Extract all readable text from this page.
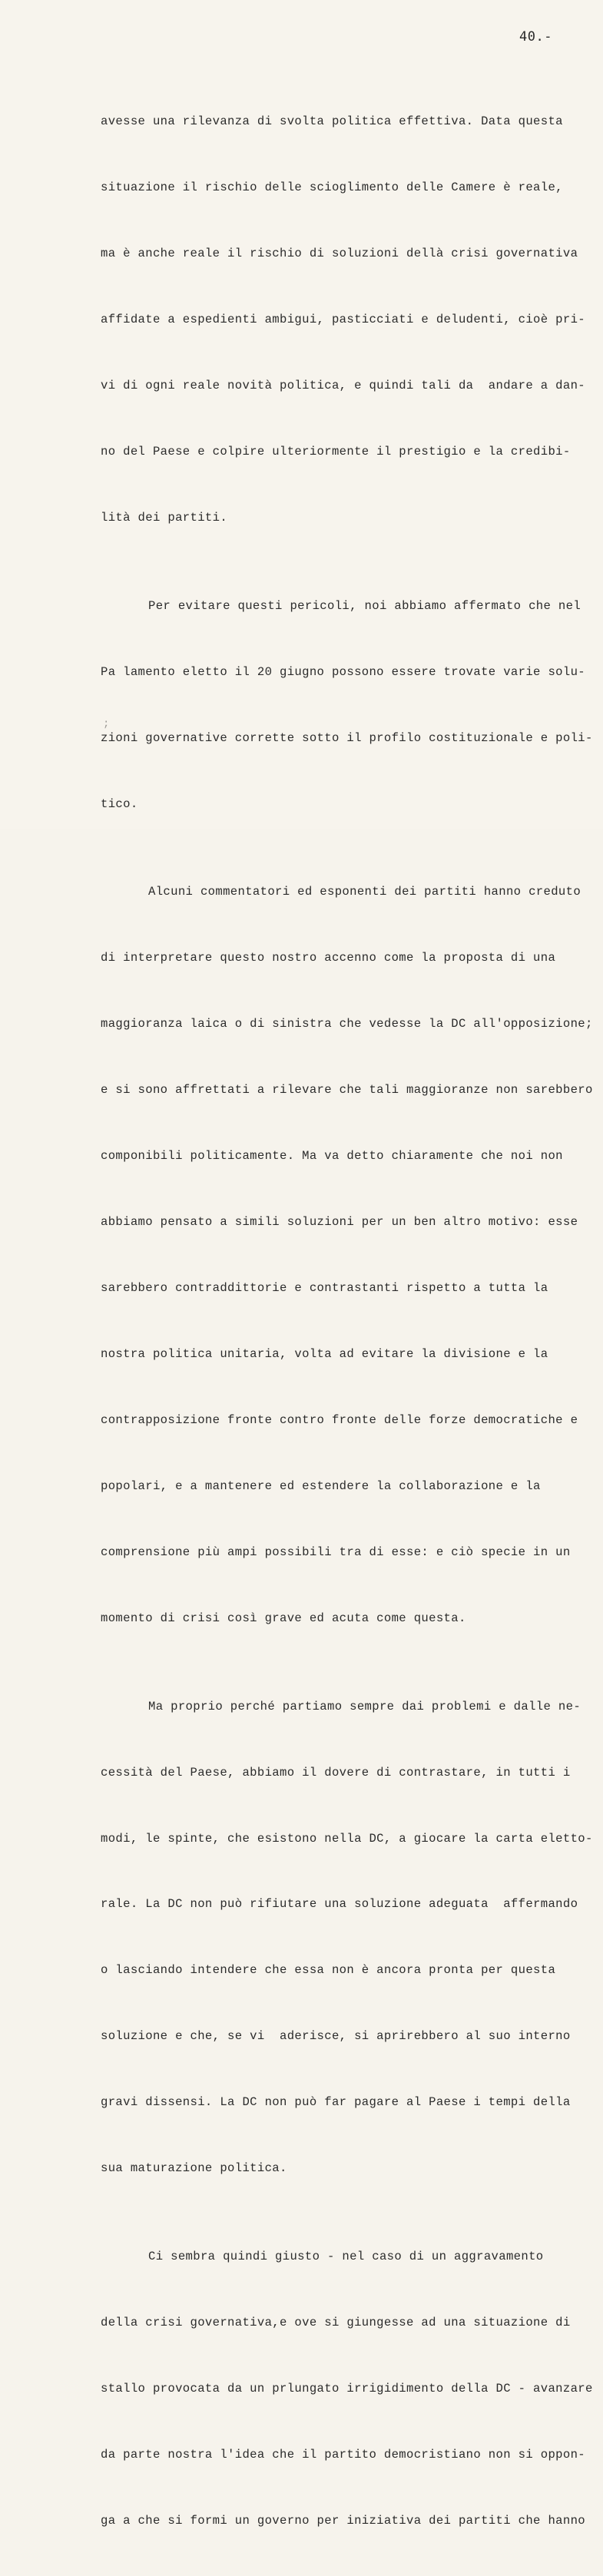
40.-
;

avesse una rilevanza di svolta politica effettiva. Data questa

situazione il rischio delle scioglimento delle Camere è reale,

ma è anche reale il rischio di soluzioni dellà crisi governativa

affidate a espedienti ambigui, pasticciati e deludenti, cioè pri-

vi di ogni reale novità politica, e quindi tali da  andare a dan-

no del Paese e colpire ulteriormente il prestigio e la credibi-

lità dei partiti.

Per evitare questi pericoli, noi abbiamo affermato che nel

Pa lamento eletto il 20 giugno possono essere trovate varie solu-

zioni governative corrette sotto il profilo costituzionale e poli-

tico.

Alcuni commentatori ed esponenti dei partiti hanno creduto

di interpretare questo nostro accenno come la proposta di una

maggioranza laica o di sinistra che vedesse la DC all'opposizione;

e si sono affrettati a rilevare che tali maggioranze non sarebbero

componibili politicamente. Ma va detto chiaramente che noi non

abbiamo pensato a simili soluzioni per un ben altro motivo: esse

sarebbero contraddittorie e contrastanti rispetto a tutta la

nostra politica unitaria, volta ad evitare la divisione e la

contrapposizione fronte contro fronte delle forze democratiche e

popolari, e a mantenere ed estendere la collaborazione e la

comprensione più ampi possibili tra di esse: e ciò specie in un

momento di crisi così grave ed acuta come questa.

Ma proprio perché partiamo sempre dai problemi e dalle ne-

cessità del Paese, abbiamo il dovere di contrastare, in tutti i

modi, le spinte, che esistono nella DC, a giocare la carta eletto-

rale. La DC non può rifiutare una soluzione adeguata  affermando

o lasciando intendere che essa non è ancora pronta per questa

soluzione e che, se vi  aderisce, si aprirebbero al suo interno

gravi dissensi. La DC non può far pagare al Paese i tempi della

sua maturazione politica.

Ci sembra quindi giusto - nel caso di un aggravamento

della crisi governativa,e ove si giungesse ad una situazione di

stallo provocata da un prlungato irrigidimento della DC - avanzare

da parte nostra l'idea che il partito democristiano non si oppon-

ga a che si formi un governo per iniziativa dei partiti che hanno
